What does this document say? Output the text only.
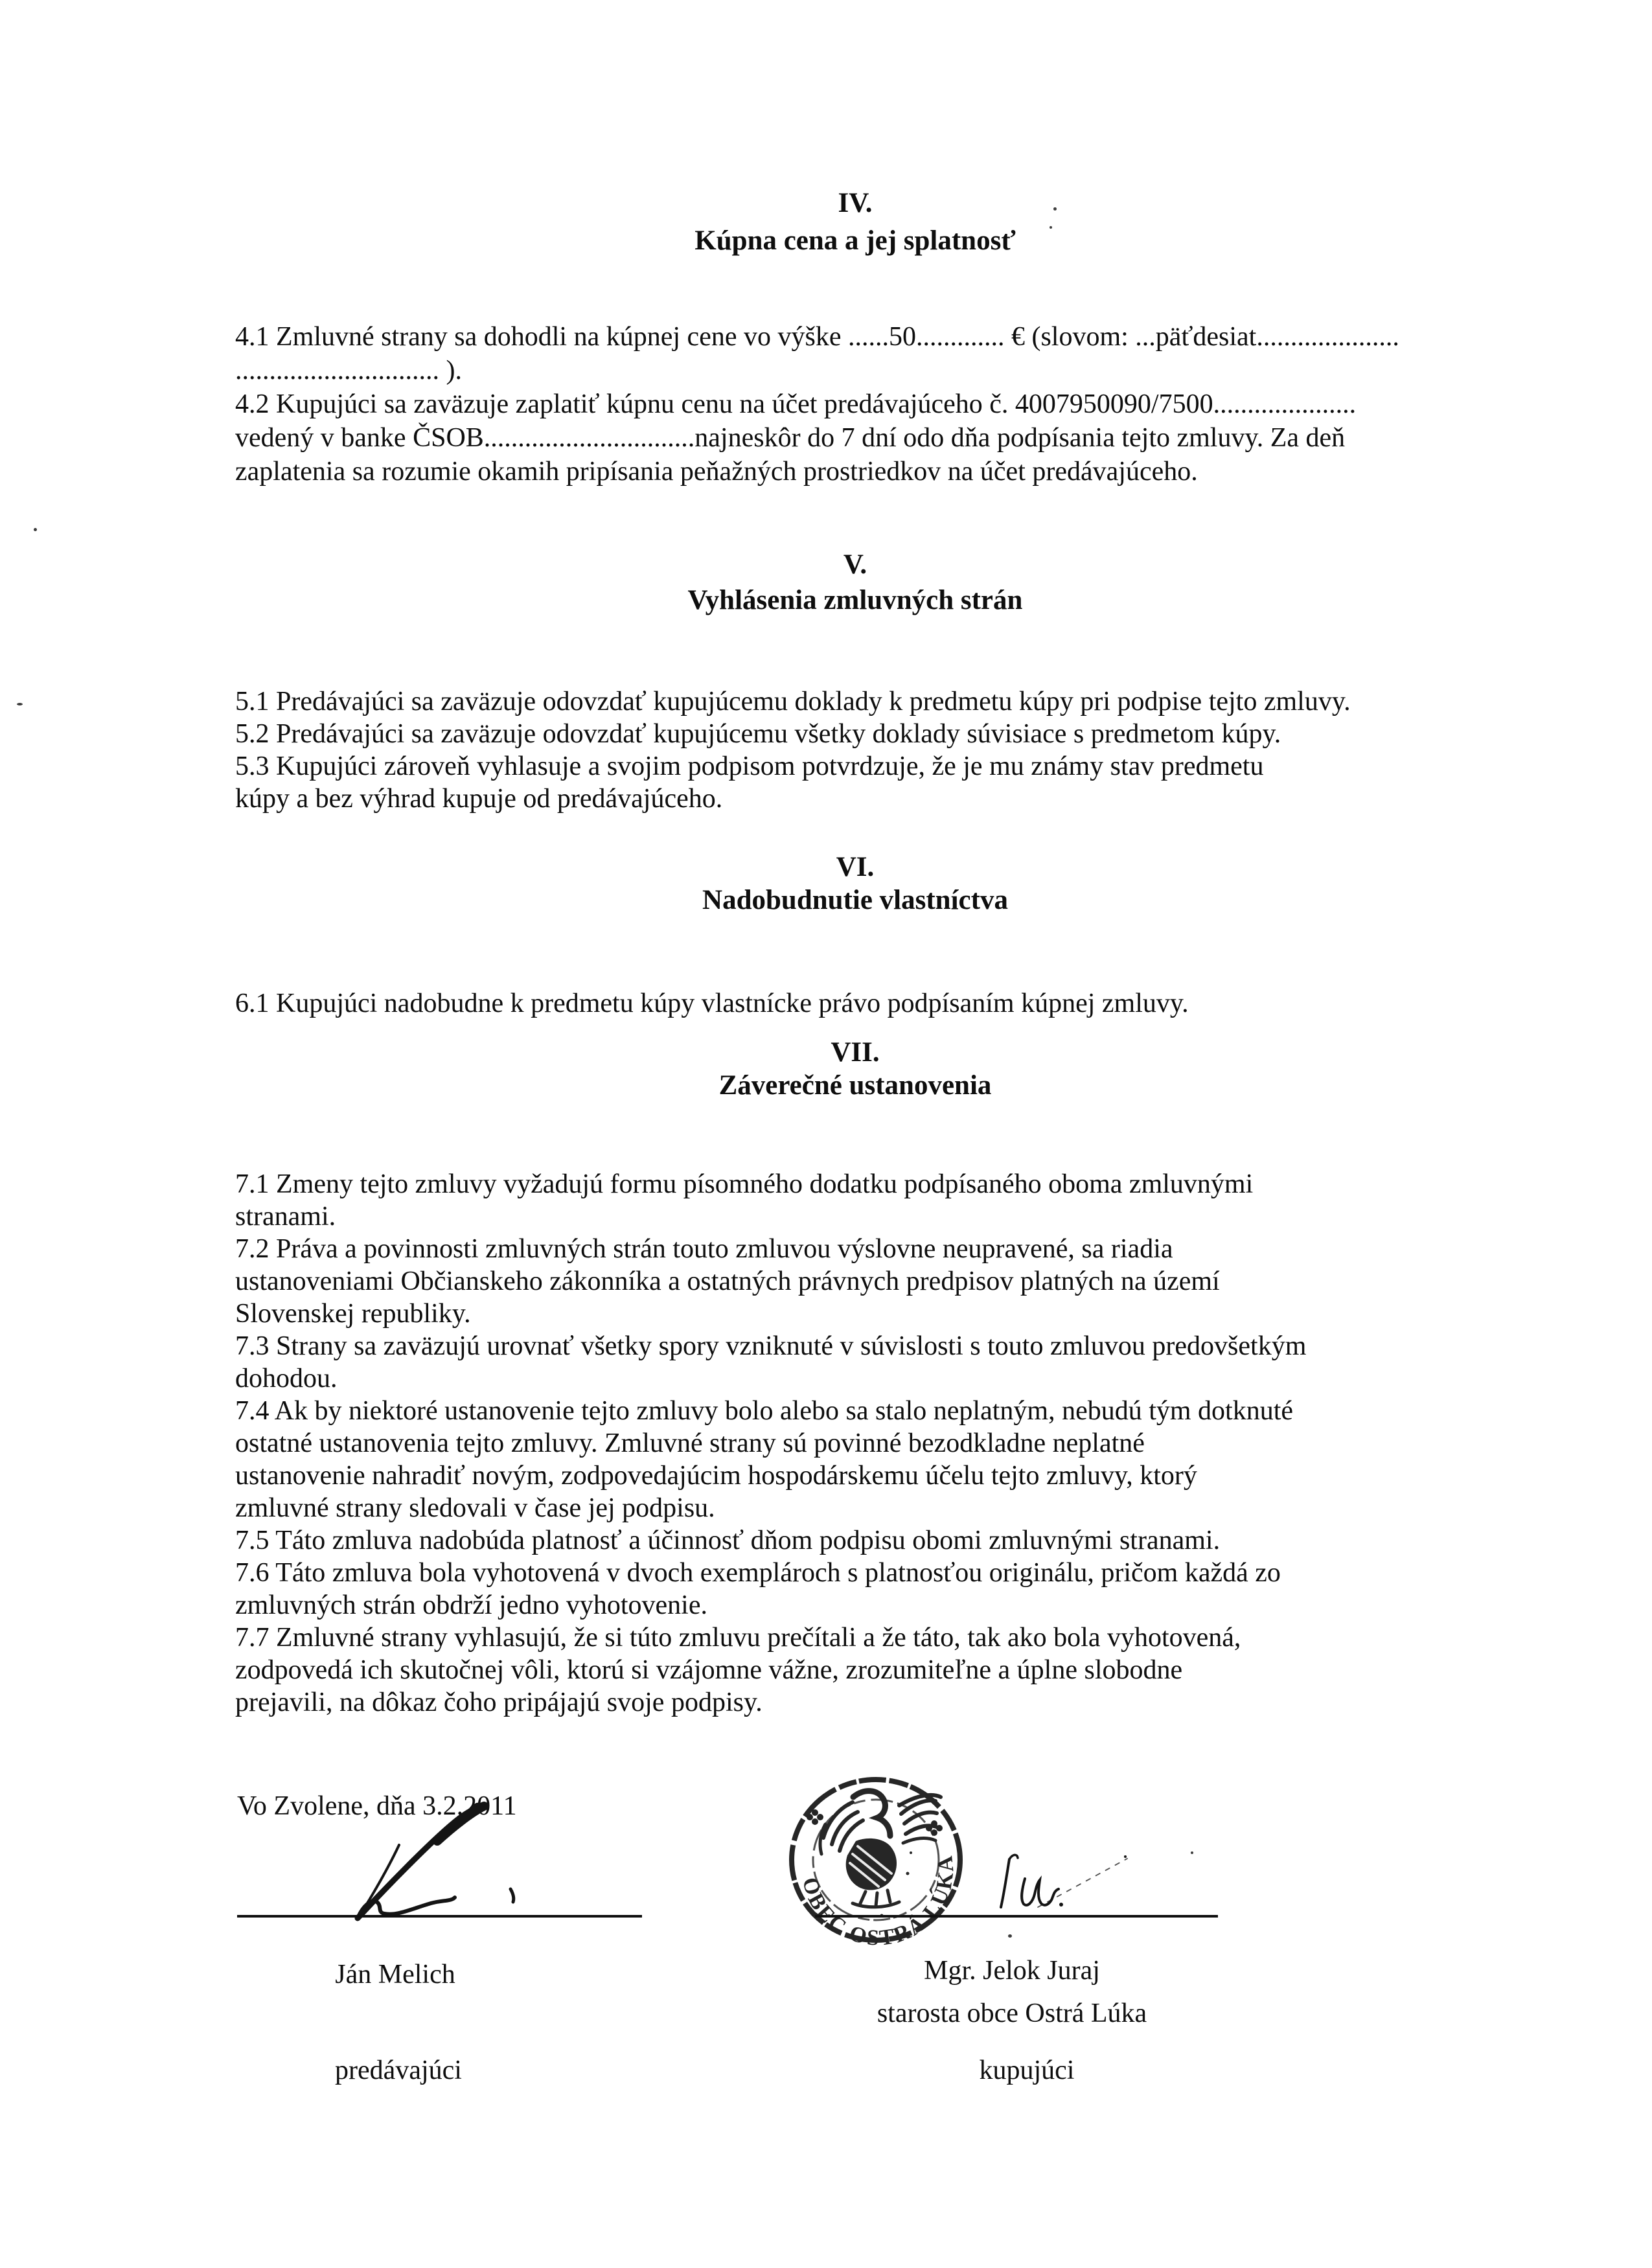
IV.
Kúpna cena a jej splatnosť
4.1 Zmluvné strany sa dohodli na kúpnej cene vo výške ......50............. € (slovom: ...päťdesiat.....................
.............................. ).
4.2 Kupujúci sa zaväzuje zaplatiť kúpnu cenu na účet predávajúceho č. 4007950090/7500.....................
vedený v banke ČSOB...............................najneskôr do 7 dní odo dňa podpísania tejto zmluvy. Za deň
zaplatenia sa rozumie okamih pripísania peňažných prostriedkov na účet predávajúceho.
V.
Vyhlásenia zmluvných strán
5.1 Predávajúci sa zaväzuje odovzdať kupujúcemu doklady k predmetu kúpy pri podpise tejto zmluvy.
5.2 Predávajúci sa zaväzuje odovzdať kupujúcemu všetky doklady súvisiace s predmetom kúpy.
5.3 Kupujúci zároveň vyhlasuje a svojim podpisom potvrdzuje, že je mu známy stav predmetu
kúpy a bez výhrad kupuje od predávajúceho.
VI.
Nadobudnutie vlastníctva
6.1 Kupujúci nadobudne k predmetu kúpy vlastnícke právo podpísaním kúpnej zmluvy.
VII.
Záverečné ustanovenia
7.1 Zmeny tejto zmluvy vyžadujú formu písomného dodatku podpísaného oboma zmluvnými
stranami.
7.2 Práva a povinnosti zmluvných strán touto zmluvou výslovne neupravené, sa riadia
ustanoveniami Občianskeho zákonníka a ostatných právnych predpisov platných na území
Slovenskej republiky.
7.3 Strany sa zaväzujú urovnať všetky spory vzniknuté v súvislosti s touto zmluvou predovšetkým
dohodou.
7.4 Ak by niektoré ustanovenie tejto zmluvy bolo alebo sa stalo neplatným, nebudú tým dotknuté
ostatné ustanovenia tejto zmluvy. Zmluvné strany sú povinné bezodkladne neplatné
ustanovenie nahradiť novým, zodpovedajúcim hospodárskemu účelu tejto zmluvy, ktorý
zmluvné strany sledovali v čase jej podpisu.
7.5 Táto zmluva nadobúda platnosť a účinnosť dňom podpisu obomi zmluvnými stranami.
7.6 Táto zmluva bola vyhotovená v dvoch exemplároch s platnosťou originálu, pričom každá zo
zmluvných strán obdrží jedno vyhotovenie.
7.7 Zmluvné strany vyhlasujú, že si túto zmluvu prečítali a že táto, tak ako bola vyhotovená,
zodpovedá ich skutočnej vôli, ktorú si vzájomne vážne, zrozumiteľne a úplne slobodne
prejavili, na dôkaz čoho pripájajú svoje podpisy.
Vo Zvolene, dňa 3.2.2011
OBEC OSTRÁ LÚKA
Ján Melich	Mgr. Jelok Juraj
starosta obce Ostrá Lúka
predávajúci	kupujúci
